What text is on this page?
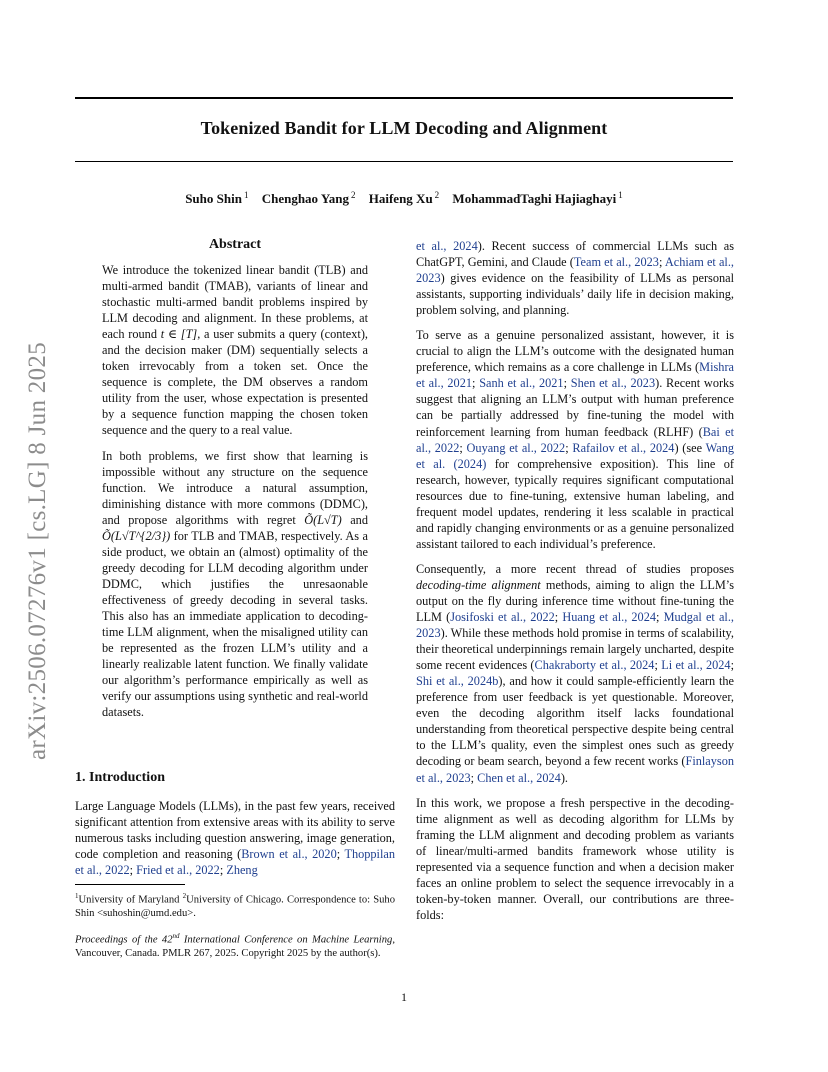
arXiv:2506.07276v1 [cs.LG] 8 Jun 2025
Tokenized Bandit for LLM Decoding and Alignment
Suho Shin $^1$ Chenghao Yang $^2$ Haifeng Xu $^2$ MohammadTaghi Hajiaghayi $^1$
Abstract

We introduce the tokenized linear bandit (TLB) and multi-armed bandit (TMAB), variants of linear and stochastic multi-armed bandit problems inspired by LLM decoding and alignment. In these problems, at each round t ∈ [T], a user submits a query (context), and the decision maker (DM) sequentially selects a token irrevocably from a token set. Once the sequence is complete, the DM observes a random utility from the user, whose expectation is presented by a sequence function mapping the chosen token sequence and the query to a real value.

In both problems, we first show that learning is impossible without any structure on the sequence function. We introduce a natural assumption, diminishing distance with more commons (DDMC), and propose algorithms with regret Õ(L√T) and Õ(L√T^{2/3}) for TLB and TMAB, respectively. As a side product, we obtain an (almost) optimality of the greedy decoding for LLM decoding algorithm under DDMC, which justifies the unresaonable effectiveness of greedy decoding in several tasks. This also has an immediate application to decoding-time LLM alignment, when the misaligned utility can be represented as the frozen LLM’s utility and a linearly realizable latent function. We finally validate our algorithm’s performance empirically as well as verify our assumptions using synthetic and real-world datasets.

1. Introduction

Large Language Models (LLMs), in the past few years, received significant attention from extensive areas with its ability to serve numerous tasks including question answering, image generation, code completion and reasoning (Brown et al., 2020; Thoppilan et al., 2022; Fried et al., 2022; Zheng

$^1$University of Maryland $^2$University of Chicago. Correspondence to: Suho Shin <suhoshin@umd.edu>.
Proceedings of the 42nd International Conference on Machine Learning, Vancouver, Canada. PMLR 267, 2025. Copyright 2025 by the author(s).

et al., 2024). Recent success of commercial LLMs such as ChatGPT, Gemini, and Claude (Team et al., 2023; Achiam et al., 2023) gives evidence on the feasibility of LLMs as personal assistants, supporting individuals’ daily life in decision making, problem solving, and planning.

To serve as a genuine personalized assistant, however, it is crucial to align the LLM’s outcome with the designated human preference, which remains as a core challenge in LLMs (Mishra et al., 2021; Sanh et al., 2021; Shen et al., 2023). Recent works suggest that aligning an LLM’s output with human preference can be partially addressed by fine-tuning the model with reinforcement learning from human feedback (RLHF) (Bai et al., 2022; Ouyang et al., 2022; Rafailov et al., 2024) (see Wang et al. (2024) for comprehensive exposition). This line of research, however, typically requires significant computational resources due to fine-tuning, extensive human labeling, and frequent model updates, rendering it less scalable in practical and rapidly changing environments or as a genuine personalized assistant tailored to each individual’s preference.

Consequently, a more recent thread of studies proposes decoding-time alignment methods, aiming to align the LLM’s output on the fly during inference time without fine-tuning the LLM (Josifoski et al., 2022; Huang et al., 2024; Mudgal et al., 2023). While these methods hold promise in terms of scalability, their theoretical underpinnings remain largely uncharted, despite some recent evidences (Chakraborty et al., 2024; Li et al., 2024; Shi et al., 2024b), and how it could sample-efficiently learn the preference from user feedback is yet questionable. Moreover, even the decoding algorithm itself lacks foundational understanding from theoretical perspective despite being central to the LLM’s quality, even the simplest ones such as greedy decoding or beam search, beyond a few recent works (Finlayson et al., 2023; Chen et al., 2024).

In this work, we propose a fresh perspective in the decoding-time alignment as well as decoding algorithm for LLMs by framing the LLM alignment and decoding problem as variants of linear/multi-armed bandits framework whose utility is represented via a sequence function and when a decision maker faces an online problem to select the sequence irrevocably in a token-by-token manner. Overall, our contributions are three-folds:

1
